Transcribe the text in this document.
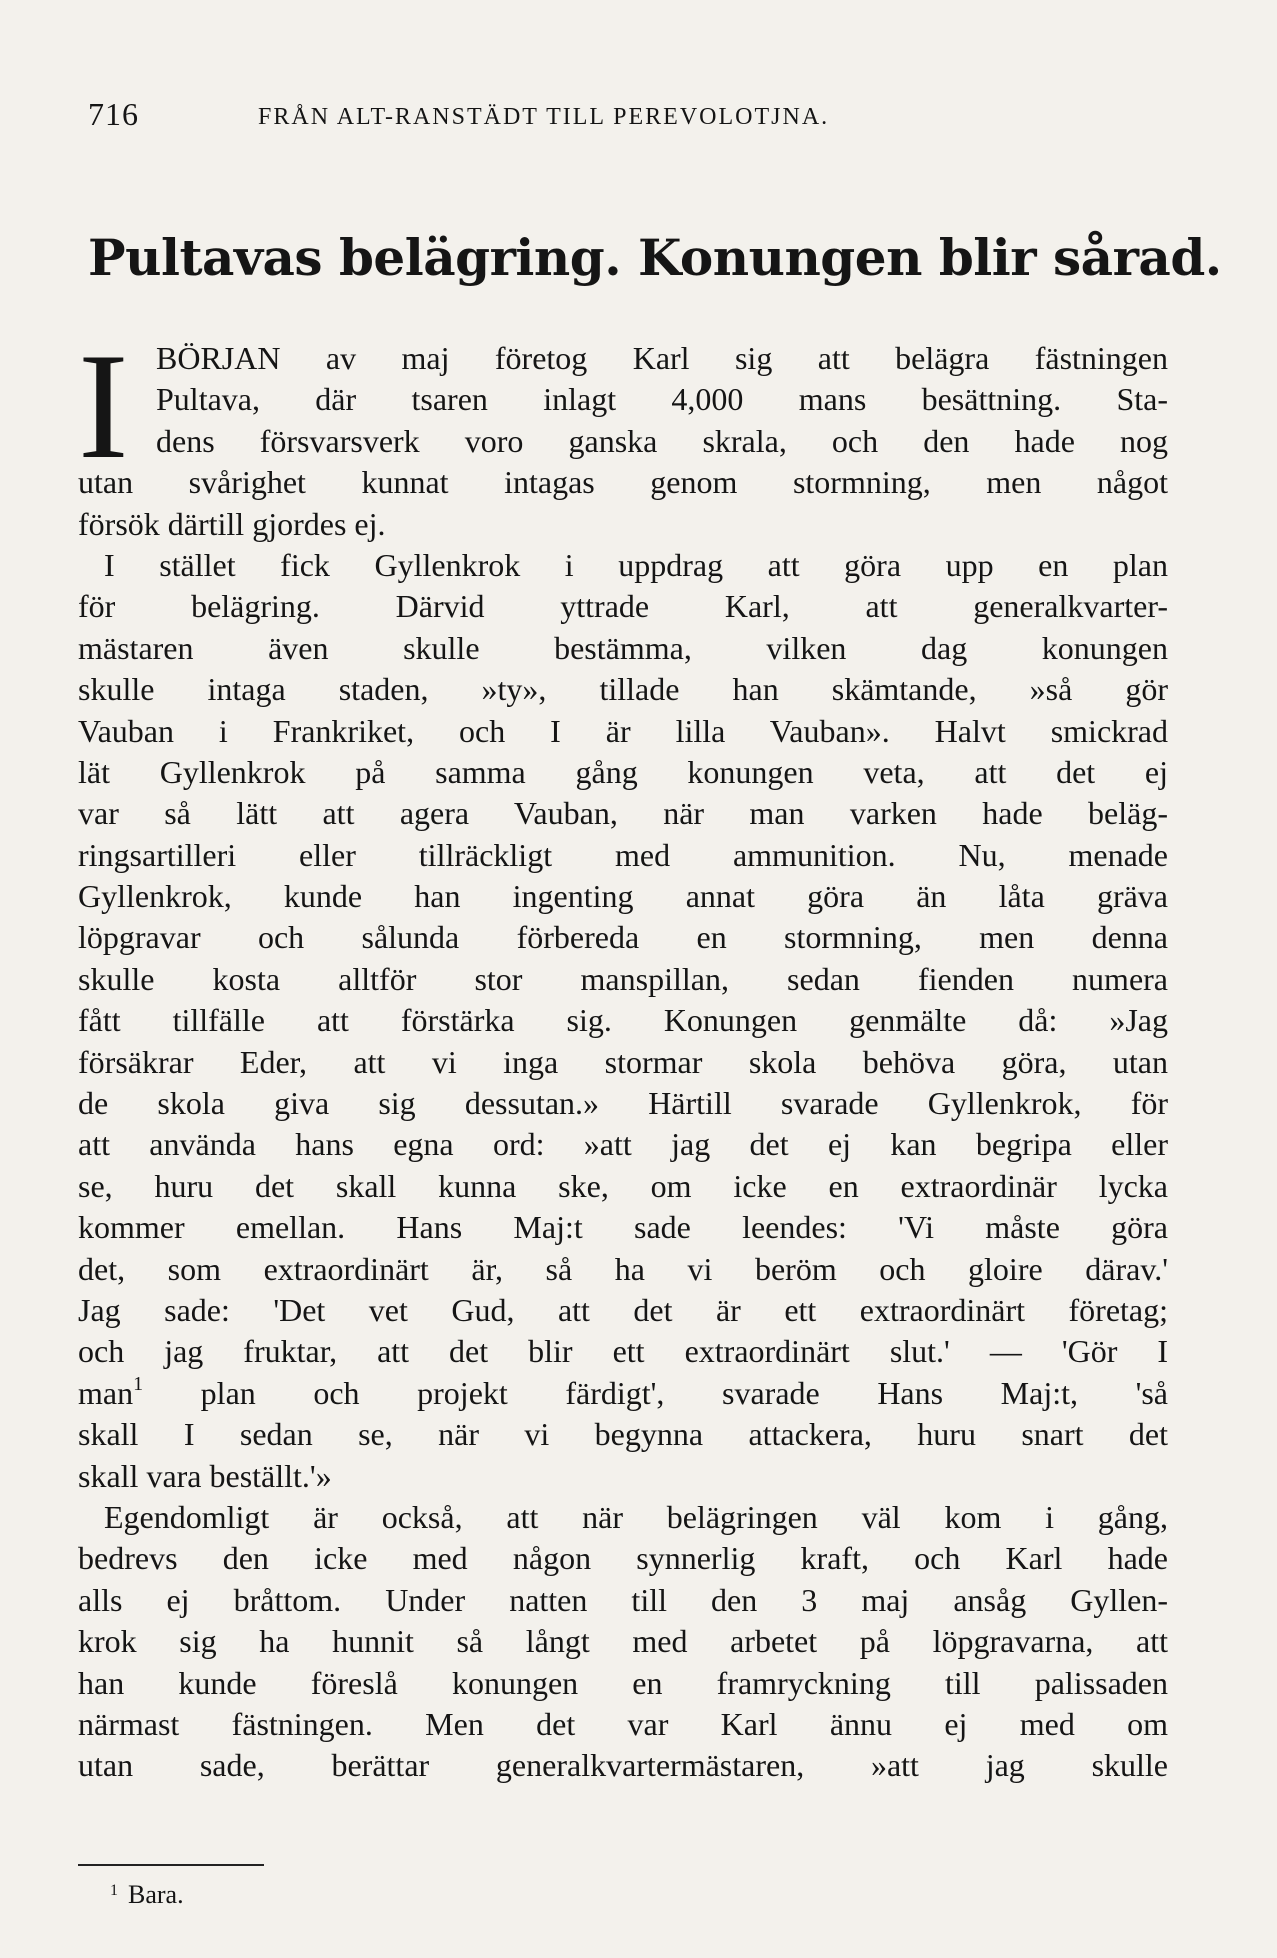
716	FRÅN ALT-RANSTÄDT TILL PEREVOLOTJNA.
Pultavas belägring. Konungen blir sårad.
I BÖRJAN av maj företog Karl sig att belägra fästningen
Pultava, där tsaren inlagt 4,000 mans besättning. Sta-
dens försvarsverk voro ganska skrala, och den hade nog
utan svårighet kunnat intagas genom stormning, men något
försök därtill gjordes ej.
I stället fick Gyllenkrok i uppdrag att göra upp en plan
för belägring. Därvid yttrade Karl, att generalkvarter-
mästaren även skulle bestämma, vilken dag konungen
skulle intaga staden, »ty», tillade han skämtande, »så gör
Vauban i Frankriket, och I är lilla Vauban». Halvt smickrad
lät Gyllenkrok på samma gång konungen veta, att det ej
var så lätt att agera Vauban, när man varken hade beläg-
ringsartilleri eller tillräckligt med ammunition. Nu, menade
Gyllenkrok, kunde han ingenting annat göra än låta gräva
löpgravar och sålunda förbereda en stormning, men denna
skulle kosta alltför stor manspillan, sedan fienden numera
fått tillfälle att förstärka sig. Konungen genmälte då: »Jag
försäkrar Eder, att vi inga stormar skola behöva göra, utan
de skola giva sig dessutan.» Härtill svarade Gyllenkrok, för
att använda hans egna ord: »att jag det ej kan begripa eller
se, huru det skall kunna ske, om icke en extraordinär lycka
kommer emellan. Hans Maj:t sade leendes: 'Vi måste göra
det, som extraordinärt är, så ha vi beröm och gloire därav.'
Jag sade: 'Det vet Gud, att det är ett extraordinärt företag;
och jag fruktar, att det blir ett extraordinärt slut.' — 'Gör I
man$^1$ plan och projekt färdigt', svarade Hans Maj:t, 'så
skall I sedan se, när vi begynna attackera, huru snart det
skall vara beställt.'»
Egendomligt är också, att när belägringen väl kom i gång,
bedrevs den icke med någon synnerlig kraft, och Karl hade
alls ej bråttom. Under natten till den 3 maj ansåg Gyllen-
krok sig ha hunnit så långt med arbetet på löpgravarna, att
han kunde föreslå konungen en framryckning till palissaden
närmast fästningen. Men det var Karl ännu ej med om
utan sade, berättar generalkvartermästaren, »att jag skulle
$^1$ Bara.
